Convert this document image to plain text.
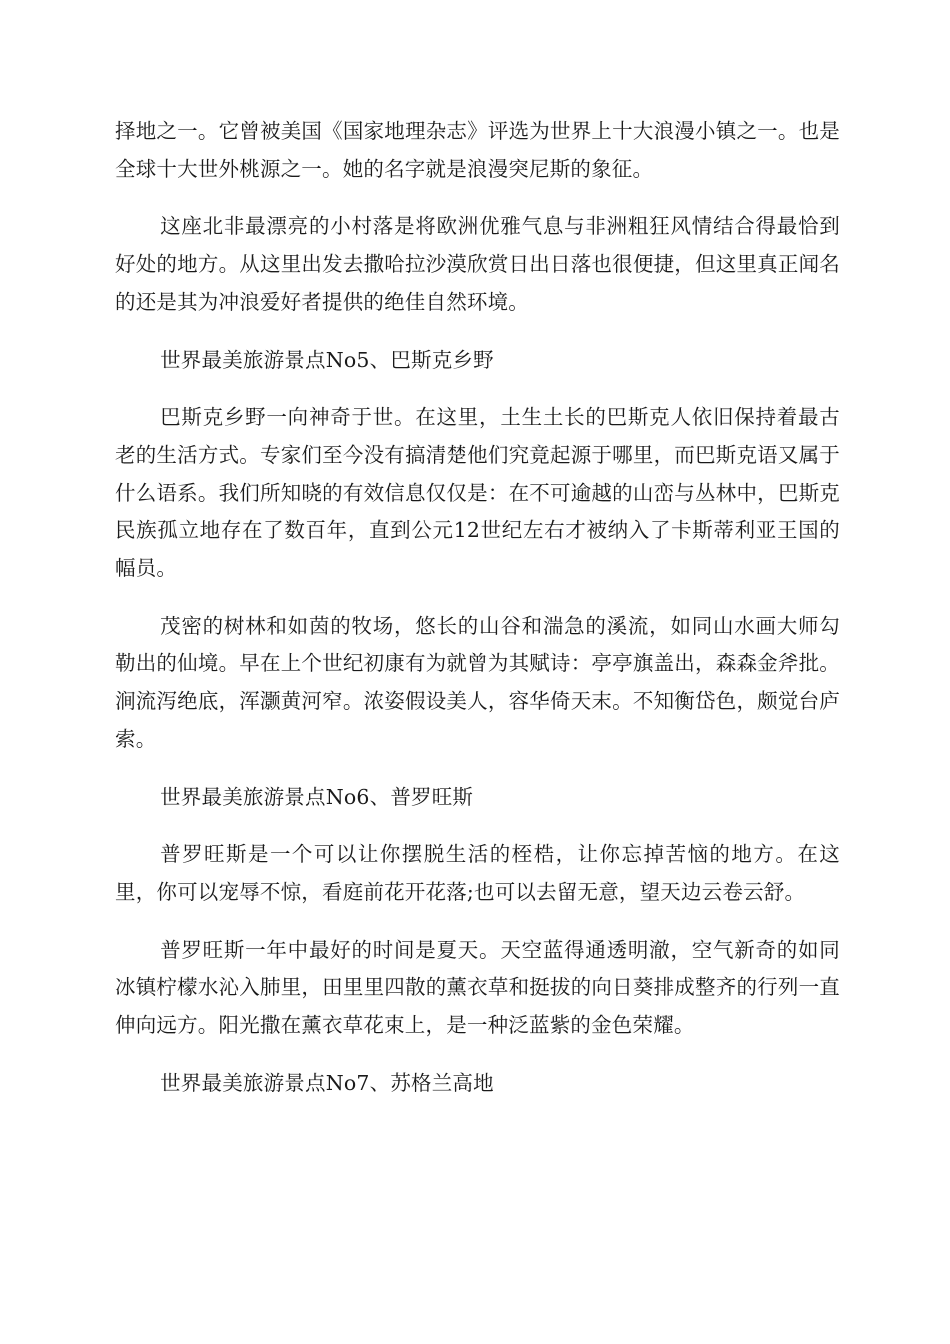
择地之一。它曾被美国《国家地理杂志》评选为世界上十大浪漫小镇之一。也是全球十大世外桃源之一。她的名字就是浪漫突尼斯的象征。

这座北非最漂亮的小村落是将欧洲优雅气息与非洲粗狂风情结合得最恰到好处的地方。从这里出发去撒哈拉沙漠欣赏日出日落也很便捷，但这里真正闻名的还是其为冲浪爱好者提供的绝佳自然环境。

世界最美旅游景点No5、巴斯克乡野

巴斯克乡野一向神奇于世。在这里，土生土长的巴斯克人依旧保持着最古老的生活方式。专家们至今没有搞清楚他们究竟起源于哪里，而巴斯克语又属于什么语系。我们所知晓的有效信息仅仅是：在不可逾越的山峦与丛林中，巴斯克民族孤立地存在了数百年，直到公元12世纪左右才被纳入了卡斯蒂利亚王国的幅员。

茂密的树林和如茵的牧场，悠长的山谷和湍急的溪流，如同山水画大师勾勒出的仙境。早在上个世纪初康有为就曾为其赋诗：亭亭旗盖出，森森金斧批。涧流泻绝底，浑灏黄河窄。浓姿假设美人，容华倚天末。不知衡岱色，颇觉台庐索。

世界最美旅游景点No6、普罗旺斯

普罗旺斯是一个可以让你摆脱生活的桎梏，让你忘掉苦恼的地方。在这里，你可以宠辱不惊，看庭前花开花落;也可以去留无意，望天边云卷云舒。

普罗旺斯一年中最好的时间是夏天。天空蓝得通透明澈，空气新奇的如同冰镇柠檬水沁入肺里，田里里四散的薰衣草和挺拔的向日葵排成整齐的行列一直伸向远方。阳光撒在薰衣草花束上，是一种泛蓝紫的金色荣耀。

世界最美旅游景点No7、苏格兰高地
